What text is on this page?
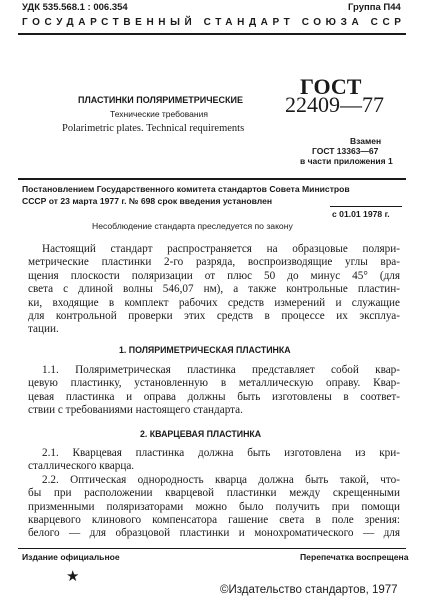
УДК 535.568.1 : 006.354	Группа П44
ГОСУДАРСТВЕННЫЙ СТАНДАРТ СОЮЗА ССР
ПЛАСТИНКИ ПОЛЯРИМЕТРИЧЕСКИЕ
Технические требования
Polarimetric plates. Technical requirements
ГОСТ
22409—77
Взамен
ГОСТ 13363—67
в части приложения 1
Постановлением Государственного комитета стандартов Совета Министров
СССР от 23 марта 1977 г. № 698 срок введения установлен
с 01.01 1978 г.
Несоблюдение стандарта преследуется по закону

Настоящий стандарт распространяется на образцовые поляри-

метрические пластинки 2-го разряда, воспроизводящие углы вра-

щения плоскости поляризации от плюс 50 до минус 45° (для

света с длиной волны 546,07 нм), а также контрольные пластин-

ки, входящие в комплект рабочих средств измерений и служащие

для контрольной проверки этих средств в процессе их эксплуа-

тации.

1. ПОЛЯРИМЕТРИЧЕСКАЯ ПЛАСТИНКА

1.1. Поляриметрическая пластинка представляет собой квар-

цевую пластинку, установленную в металлическую оправу. Квар-

цевая пластинка и оправа должны быть изготовлены в соответ-

ствии с требованиями настоящего стандарта.

2. КВАРЦЕВАЯ ПЛАСТИНКА

2.1. Кварцевая пластинка должна быть изготовлена из кри-

сталлического кварца.

2.2. Оптическая однородность кварца должна быть такой, что-

бы при расположении кварцевой пластинки между скрещенными

призменными поляризаторами можно было получить при помощи

кварцевого клинового компенсатора гашение света в поле зрения:

белого — для образцовой пластинки и монохроматического — для

Издание официальное	Перепечатка воспрещена
★
©Издательство стандартов, 1977
